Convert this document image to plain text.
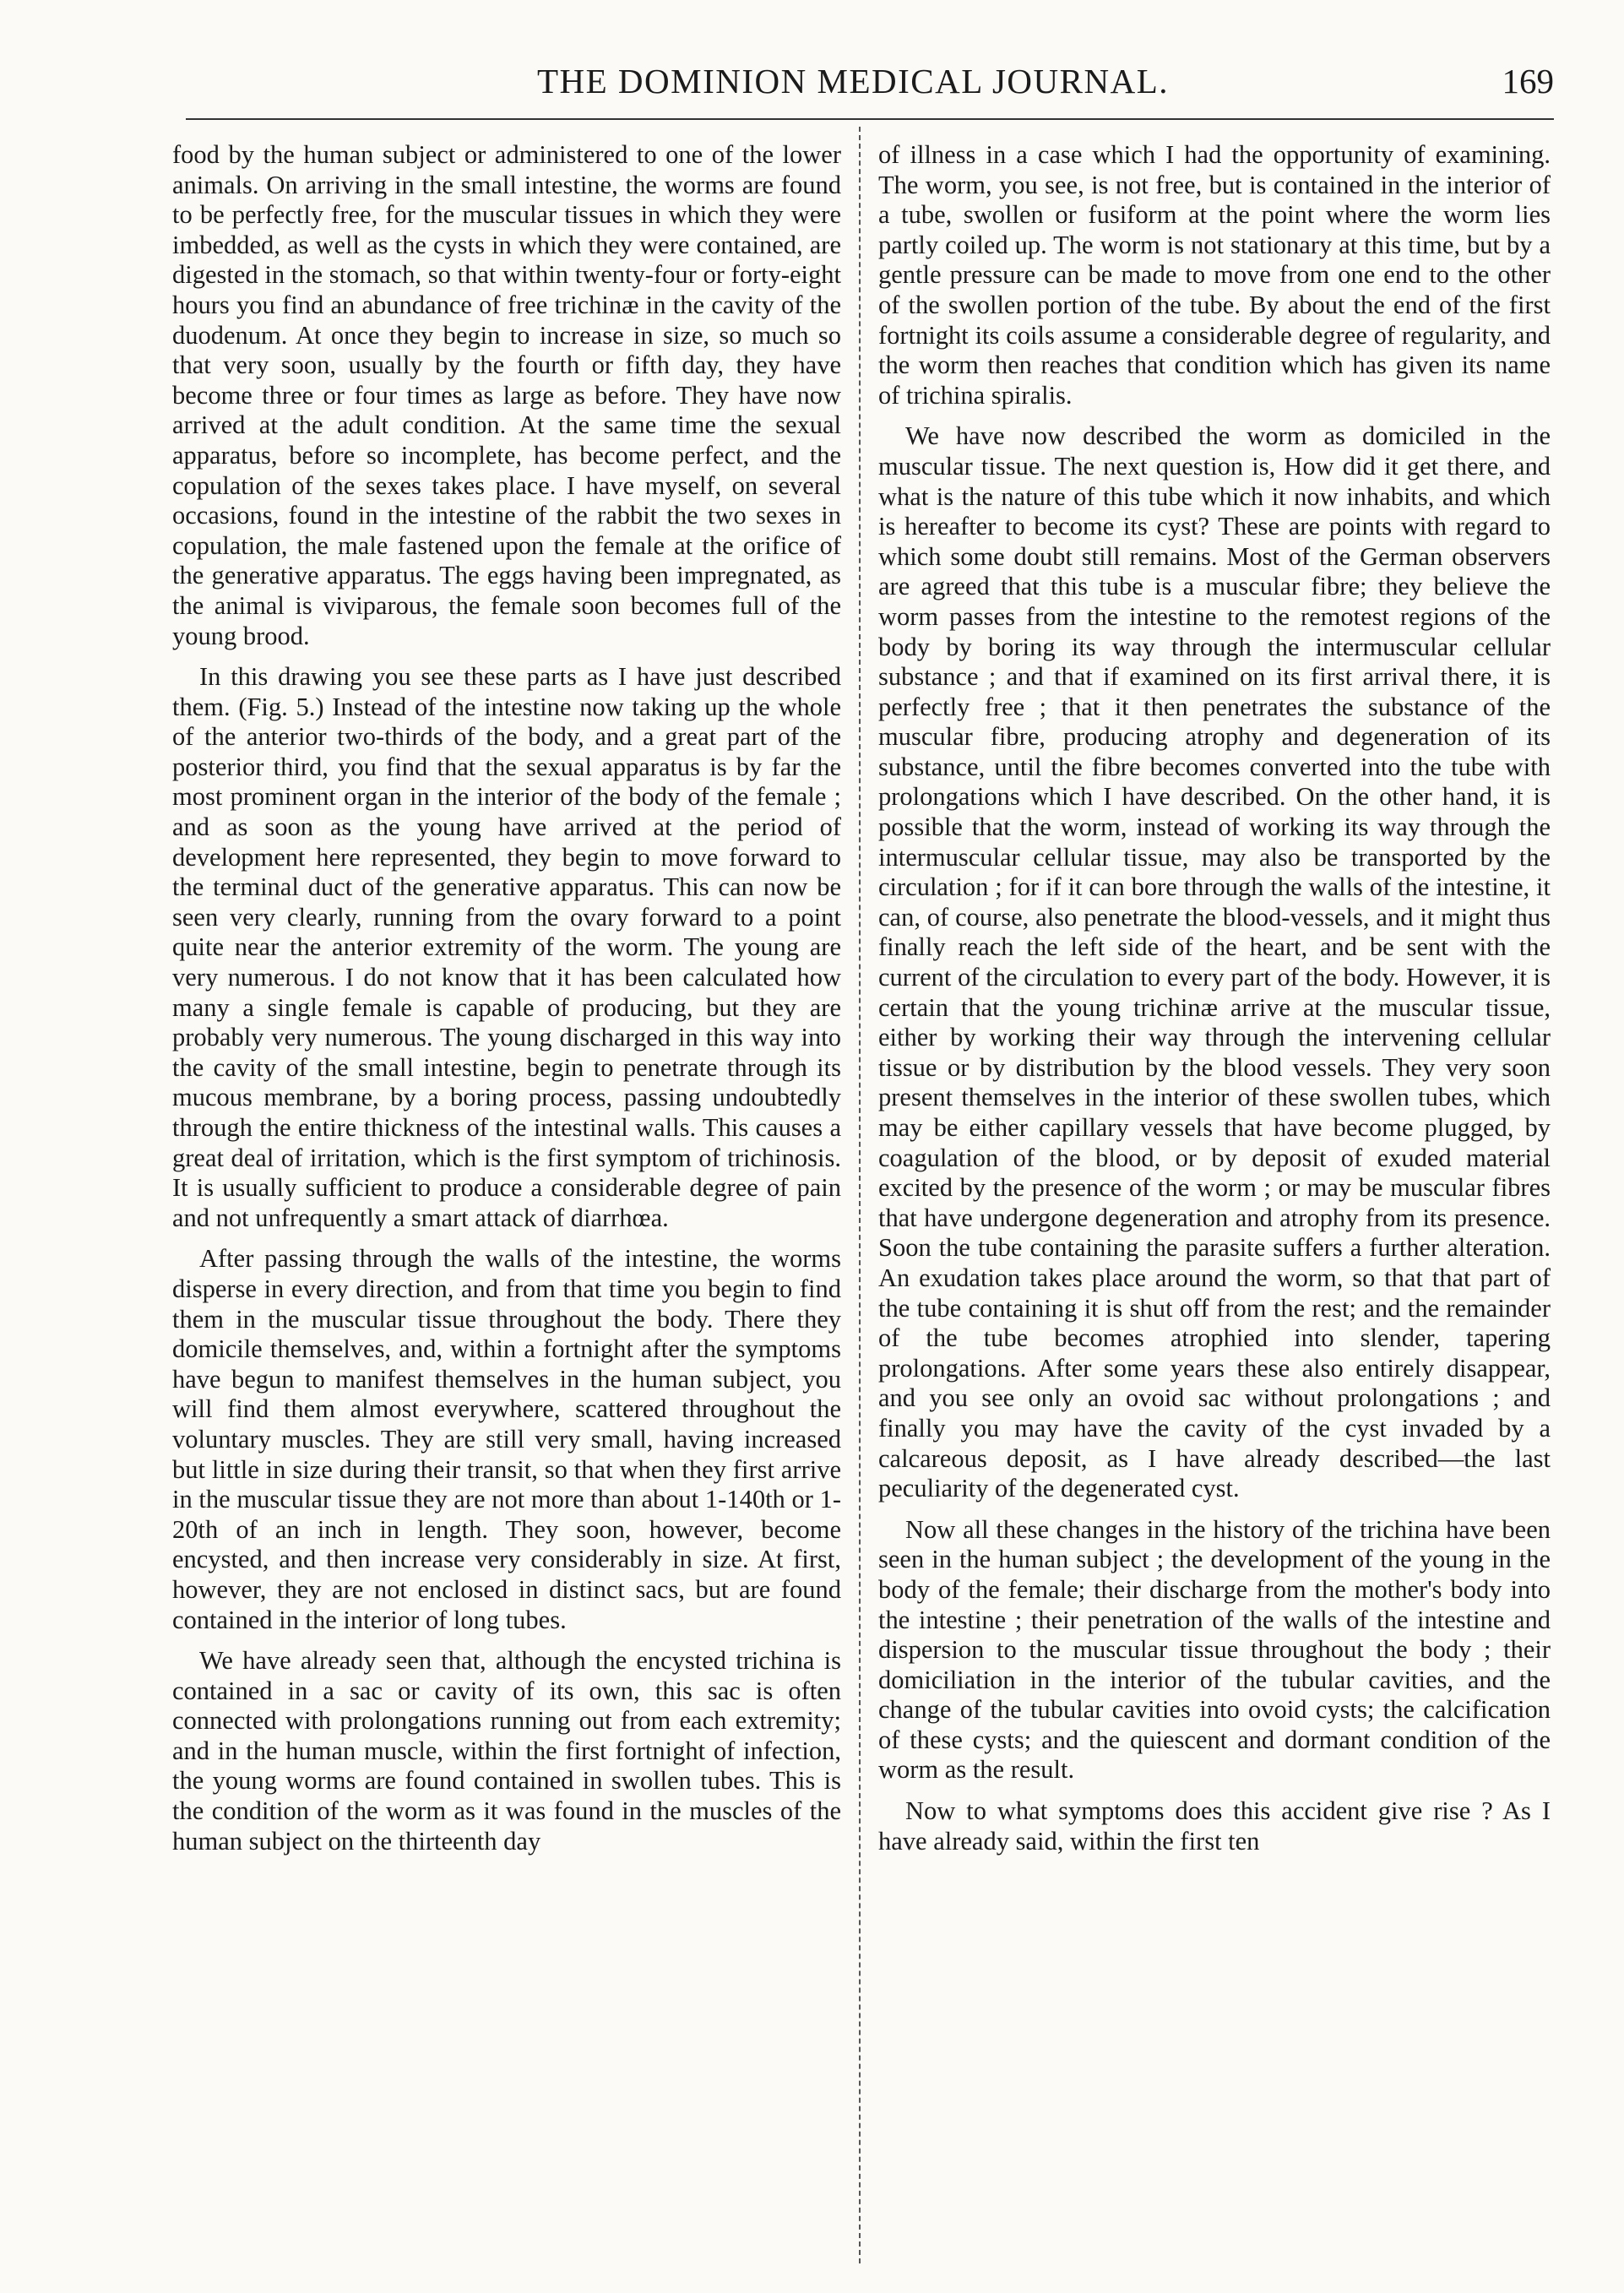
THE DOMINION MEDICAL JOURNAL.	169

food by the human subject or administered to one of the lower animals. On arriving in the small intestine, the worms are found to be perfectly free, for the muscular tissues in which they were imbedded, as well as the cysts in which they were contained, are digested in the stomach, so that within twenty-four or forty-eight hours you find an abundance of free trichinæ in the cavity of the duodenum. At once they begin to increase in size, so much so that very soon, usually by the fourth or fifth day, they have become three or four times as large as before. They have now arrived at the adult condition. At the same time the sexual apparatus, before so incomplete, has become perfect, and the copulation of the sexes takes place. I have myself, on several occasions, found in the intestine of the rabbit the two sexes in copulation, the male fastened upon the female at the orifice of the generative apparatus. The eggs having been impregnated, as the animal is viviparous, the female soon becomes full of the young brood.

In this drawing you see these parts as I have just described them. (Fig. 5.) Instead of the intestine now taking up the whole of the anterior two-thirds of the body, and a great part of the posterior third, you find that the sexual apparatus is by far the most prominent organ in the interior of the body of the female ; and as soon as the young have arrived at the period of development here represented, they begin to move forward to the terminal duct of the generative apparatus. This can now be seen very clearly, running from the ovary forward to a point quite near the anterior extremity of the worm. The young are very numerous. I do not know that it has been calculated how many a single female is capable of producing, but they are probably very numerous. The young discharged in this way into the cavity of the small intestine, begin to penetrate through its mucous membrane, by a boring process, passing undoubtedly through the entire thickness of the intestinal walls. This causes a great deal of irritation, which is the first symptom of trichinosis. It is usually sufficient to produce a considerable degree of pain and not unfrequently a smart attack of diarrhœa.

After passing through the walls of the intestine, the worms disperse in every direction, and from that time you begin to find them in the muscular tissue throughout the body. There they domicile themselves, and, within a fortnight after the symptoms have begun to manifest themselves in the human subject, you will find them almost everywhere, scattered throughout the voluntary muscles. They are still very small, having increased but little in size during their transit, so that when they first arrive in the muscular tissue they are not more than about 1-140th or 1-20th of an inch in length. They soon, however, become encysted, and then increase very considerably in size. At first, however, they are not enclosed in distinct sacs, but are found contained in the interior of long tubes.

We have already seen that, although the encysted trichina is contained in a sac or cavity of its own, this sac is often connected with prolongations running out from each extremity; and in the human muscle, within the first fortnight of infection, the young worms are found contained in swollen tubes. This is the condition of the worm as it was found in the muscles of the human subject on the thirteenth day

of illness in a case which I had the opportunity of examining. The worm, you see, is not free, but is contained in the interior of a tube, swollen or fusiform at the point where the worm lies partly coiled up. The worm is not stationary at this time, but by a gentle pressure can be made to move from one end to the other of the swollen portion of the tube. By about the end of the first fortnight its coils assume a considerable degree of regularity, and the worm then reaches that condition which has given its name of trichina spiralis.

We have now described the worm as domiciled in the muscular tissue. The next question is, How did it get there, and what is the nature of this tube which it now inhabits, and which is hereafter to become its cyst? These are points with regard to which some doubt still remains. Most of the German observers are agreed that this tube is a muscular fibre; they believe the worm passes from the intestine to the remotest regions of the body by boring its way through the intermuscular cellular substance ; and that if examined on its first arrival there, it is perfectly free ; that it then penetrates the substance of the muscular fibre, producing atrophy and degeneration of its substance, until the fibre becomes converted into the tube with prolongations which I have described. On the other hand, it is possible that the worm, instead of working its way through the intermuscular cellular tissue, may also be transported by the circulation ; for if it can bore through the walls of the intestine, it can, of course, also penetrate the blood-vessels, and it might thus finally reach the left side of the heart, and be sent with the current of the circulation to every part of the body. However, it is certain that the young trichinæ arrive at the muscular tissue, either by working their way through the intervening cellular tissue or by distribution by the blood vessels. They very soon present themselves in the interior of these swollen tubes, which may be either capillary vessels that have become plugged, by coagulation of the blood, or by deposit of exuded material excited by the presence of the worm ; or may be muscular fibres that have undergone degeneration and atrophy from its presence. Soon the tube containing the parasite suffers a further alteration. An exudation takes place around the worm, so that that part of the tube containing it is shut off from the rest; and the remainder of the tube becomes atrophied into slender, tapering prolongations. After some years these also entirely disappear, and you see only an ovoid sac without prolongations ; and finally you may have the cavity of the cyst invaded by a calcareous deposit, as I have already described—the last peculiarity of the degenerated cyst.

Now all these changes in the history of the trichina have been seen in the human subject ; the development of the young in the body of the female; their discharge from the mother's body into the intestine ; their penetration of the walls of the intestine and dispersion to the muscular tissue throughout the body ; their domiciliation in the interior of the tubular cavities, and the change of the tubular cavities into ovoid cysts; the calcification of these cysts; and the quiescent and dormant condition of the worm as the result.

Now to what symptoms does this accident give rise ? As I have already said, within the first ten
